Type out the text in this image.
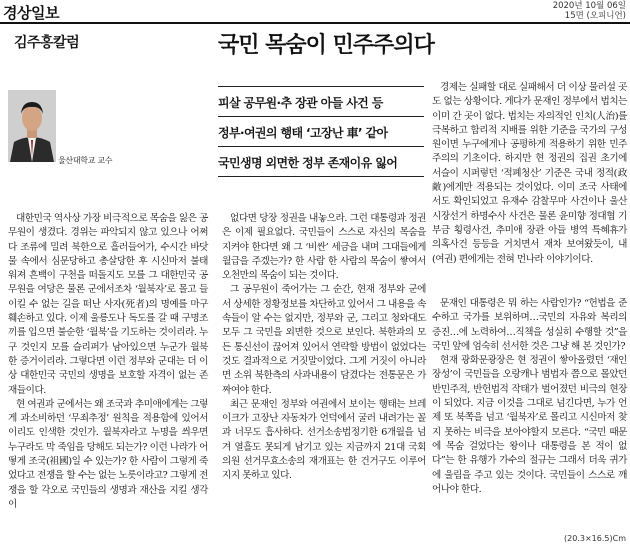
경상일보	2020년 10월 06일
15면 (오피니언)
김주홍칼럼	국민 목숨이 민주주의다
울산대학교 교수
피살 공무원·추 장관 아들 사건 등
정부·여권의 행태 ‘고장난 車’ 같아
국민생명 외면한 정부 존재이유 잃어

경제는 실패할 대로 실패해서 더 이상 물러설 곳도 없는 상황이다. 게다가 문재인 정부에서 법치는 이미 간 곳이 없다. 법치는 자의적인 인치(人治)를 극복하고 합리적 지배를 위한 기준을 국가의 구성원이면 누구에게나 공평하게 적용하기 위한 민주주의의 기초이다. 하지만 현 정권의 집권 초기에 서슬이 시퍼렇던 ‘적폐청산’ 기준은 국내 정적(政敵)에게만 적용되는 것이었다. 이미 조국 사태에서도 확인되었고 유재수 감찰무마 사건이나 울산시장선거 하명수사 사건은 물론 윤미향 정대협 기부금 횡령사건, 추미애 장관 아들 병역 특혜휴가 의혹사건 등등을 거치면서 재차 보여왔듯이, 내(여권) 편에게는 전혀 먼나라 이야기이다.

대한민국 역사상 가장 비극적으로 목숨을 잃은 공무원이 생겼다. 경위는 파악되지 않고 있으나 어쩌다 조류에 밀려 북한으로 흘러들어가, 수시간 바닷물 속에서 심문당하고 총살당한 후 시신마저 불태워져 흔백이 구천을 떠돌지도 모를 그 대한민국 공무원을 여당은 물론 군에서조차 ‘월북자’로 몰고 들이킬 수 없는 길을 떠난 사자(死者)의 명예를 마구 훼손하고 있다. 이제 울릉도나 독도를 갈 때 구명조끼를 입으면 불순한 ‘월북’을 기도하는 것이리라. 누구 것인지 모를 슬리퍼가 남아있으면 누군가 월북한 증거이리라. 그렇다면 이런 정부와 군대는 더 이상 대한민국 국민의 생명을 보호할 자격이 없는 존재들이다.

현 여권과 군에서는 왜 조국과 추미애에게는 그렇게 과소비하던 ‘무죄추정’ 원칙을 적용함에 있어서 이리도 인색한 것인가. 월북자라고 누명을 씌우면 누구라도 막 죽임을 당해도 되는가? 이런 나라가 어떻게 조국(祖國)일 수 있는가? 한 사람이 그렇게 죽었다고 전쟁을 할 수는 없는 노릇이라고? 그렇게 전쟁을 할 각오로 국민들의 생명과 재산을 지킬 생각이

없다면 당장 정권을 내놓으라. 그런 대통령과 정권은 이제 필요없다. 국민들이 스스로 자신의 목숨을 지켜야 한다면 왜 그 ‘비싼’ 세금을 내며 그대들에게 월급을 주겠는가? 한 사람 한 사람의 목숨이 쌓여서 오천만의 목숨이 되는 것이다.

그 공무원이 죽어가는 그 순간, 현재 정부와 군에서 상세한 정황정보를 차단하고 있어서 그 내용을 속속들이 알 수는 없지만, 정부와 군, 그리고 청와대도 모두 그 국민을 외면한 것으로 보인다. 북한과의 모든 통신선이 끊어져 있어서 연락할 방법이 없었다는 것도 결과적으로 거짓말이었다. 그게 거짓이 아니라면 소위 북한측의 사과내용이 담겼다는 전통문은 가짜여야 한다.

최근 문재인 정부와 여권에서 보이는 행태는 브레이크가 고장난 자동차가 언덕에서 굴러 내려가는 꼴과 너무도 흡사하다. 선거소송법정기한 6개월을 넘겨 열흘도 못되게 남기고 있는 지금까지 21대 국회의원 선거무효소송의 재개표는 한 건거구도 이루어지지 못하고 있다.

문재인 대통령은 뭐 하는 사람인가? “헌법을 준수하고 국가를 보위하며…국민의 자유와 복리의 증진…에 노력하여…직책을 성실히 수행할 것”을 국민 앞에 엄숙히 선서한 것은 그냥 해 본 것인가?

현재 광화문광장은 현 정권이 쌓아올렸던 ‘재인장성’이 국민들을 오랑캐나 범법자 쯤으로 몰았던 반민주적, 반헌법적 작태가 벌어졌던 비극의 현장이 되었다. 지금 이것을 그대로 넘긴다면, 누가 언제 또 북쪽을 넘고 ‘월북자’로 몰리고 시신마저 찾지 못하는 비극을 보아야할지 모른다. “국민 때문에 목숨 걸었다는 왕이나 대통령을 본 적이 없다”는 한 유행가 가수의 절규는 그래서 더욱 귀가에 울림을 주고 있는 것이다. 국민들이 스스로 깨어나야 한다.

(20.3×16.5)Cm
